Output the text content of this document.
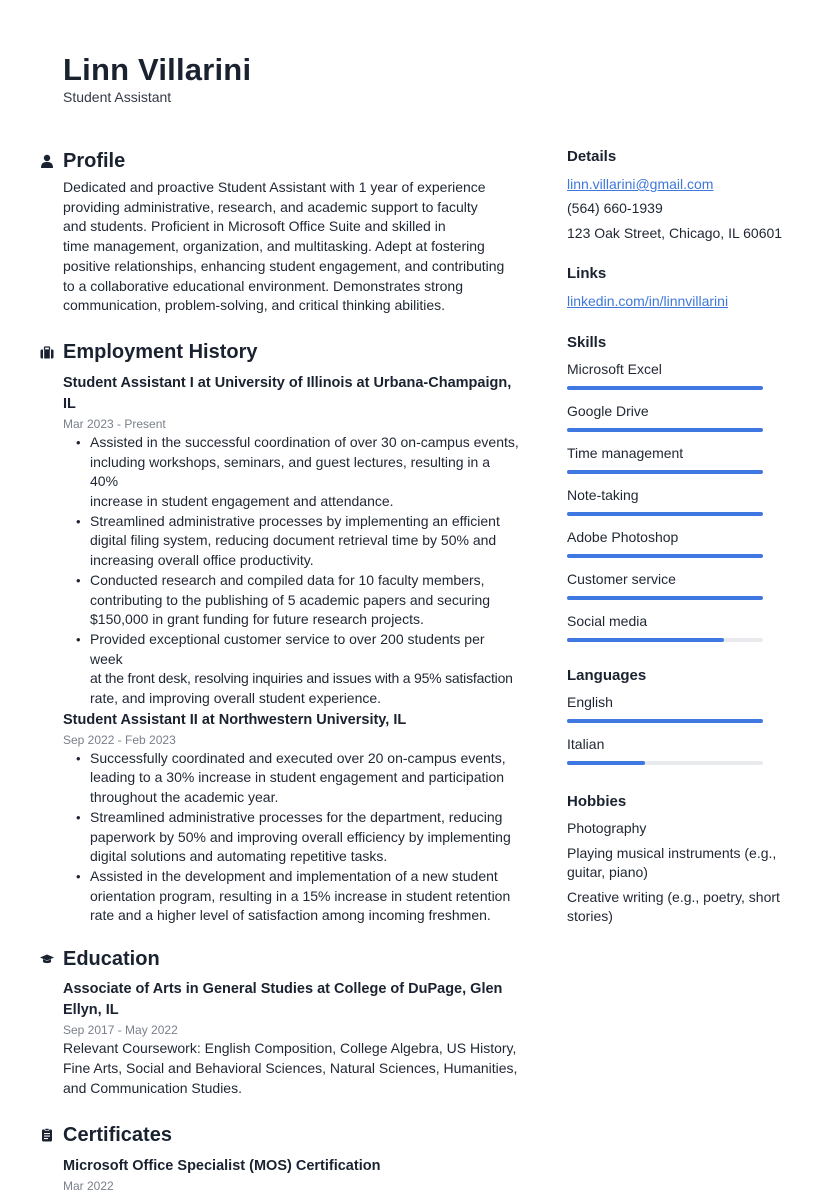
Linn Villarini
Student Assistant
Profile
Dedicated and proactive Student Assistant with 1 year of experience
providing administrative, research, and academic support to faculty
and students. Proficient in Microsoft Office Suite and skilled in
time management, organization, and multitasking. Adept at fostering
positive relationships, enhancing student engagement, and contributing
to a collaborative educational environment. Demonstrates strong
communication, problem-solving, and critical thinking abilities.
Employment History
Student Assistant I at University of Illinois at Urbana-Champaign,
IL
Mar 2023 - Present
• Assisted in the successful coordination of over 30 on-campus events,
including workshops, seminars, and guest lectures, resulting in a 40%
increase in student engagement and attendance.
• Streamlined administrative processes by implementing an efficient
digital filing system, reducing document retrieval time by 50% and
increasing overall office productivity.
• Conducted research and compiled data for 10 faculty members,
contributing to the publishing of 5 academic papers and securing
$150,000 in grant funding for future research projects.
• Provided exceptional customer service to over 200 students per week
at the front desk, resolving inquiries and issues with a 95% satisfaction
rate, and improving overall student experience.
Student Assistant II at Northwestern University, IL
Sep 2022 - Feb 2023
• Successfully coordinated and executed over 20 on-campus events,
leading to a 30% increase in student engagement and participation
throughout the academic year.
• Streamlined administrative processes for the department, reducing
paperwork by 50% and improving overall efficiency by implementing
digital solutions and automating repetitive tasks.
• Assisted in the development and implementation of a new student
orientation program, resulting in a 15% increase in student retention
rate and a higher level of satisfaction among incoming freshmen.
Education
Associate of Arts in General Studies at College of DuPage, Glen
Ellyn, IL
Sep 2017 - May 2022
Relevant Coursework: English Composition, College Algebra, US History,
Fine Arts, Social and Behavioral Sciences, Natural Sciences, Humanities,
and Communication Studies.
Certificates
Microsoft Office Specialist (MOS) Certification
Mar 2022
Details
linn.villarini@gmail.com
(564) 660-1939
123 Oak Street, Chicago, IL 60601
Links
linkedin.com/in/linnvillarini
Skills
Microsoft Excel
Google Drive
Time management
Note-taking
Adobe Photoshop
Customer service
Social media
Languages
English
Italian
Hobbies
Photography
Playing musical instruments (e.g.,
guitar, piano)
Creative writing (e.g., poetry, short
stories)
